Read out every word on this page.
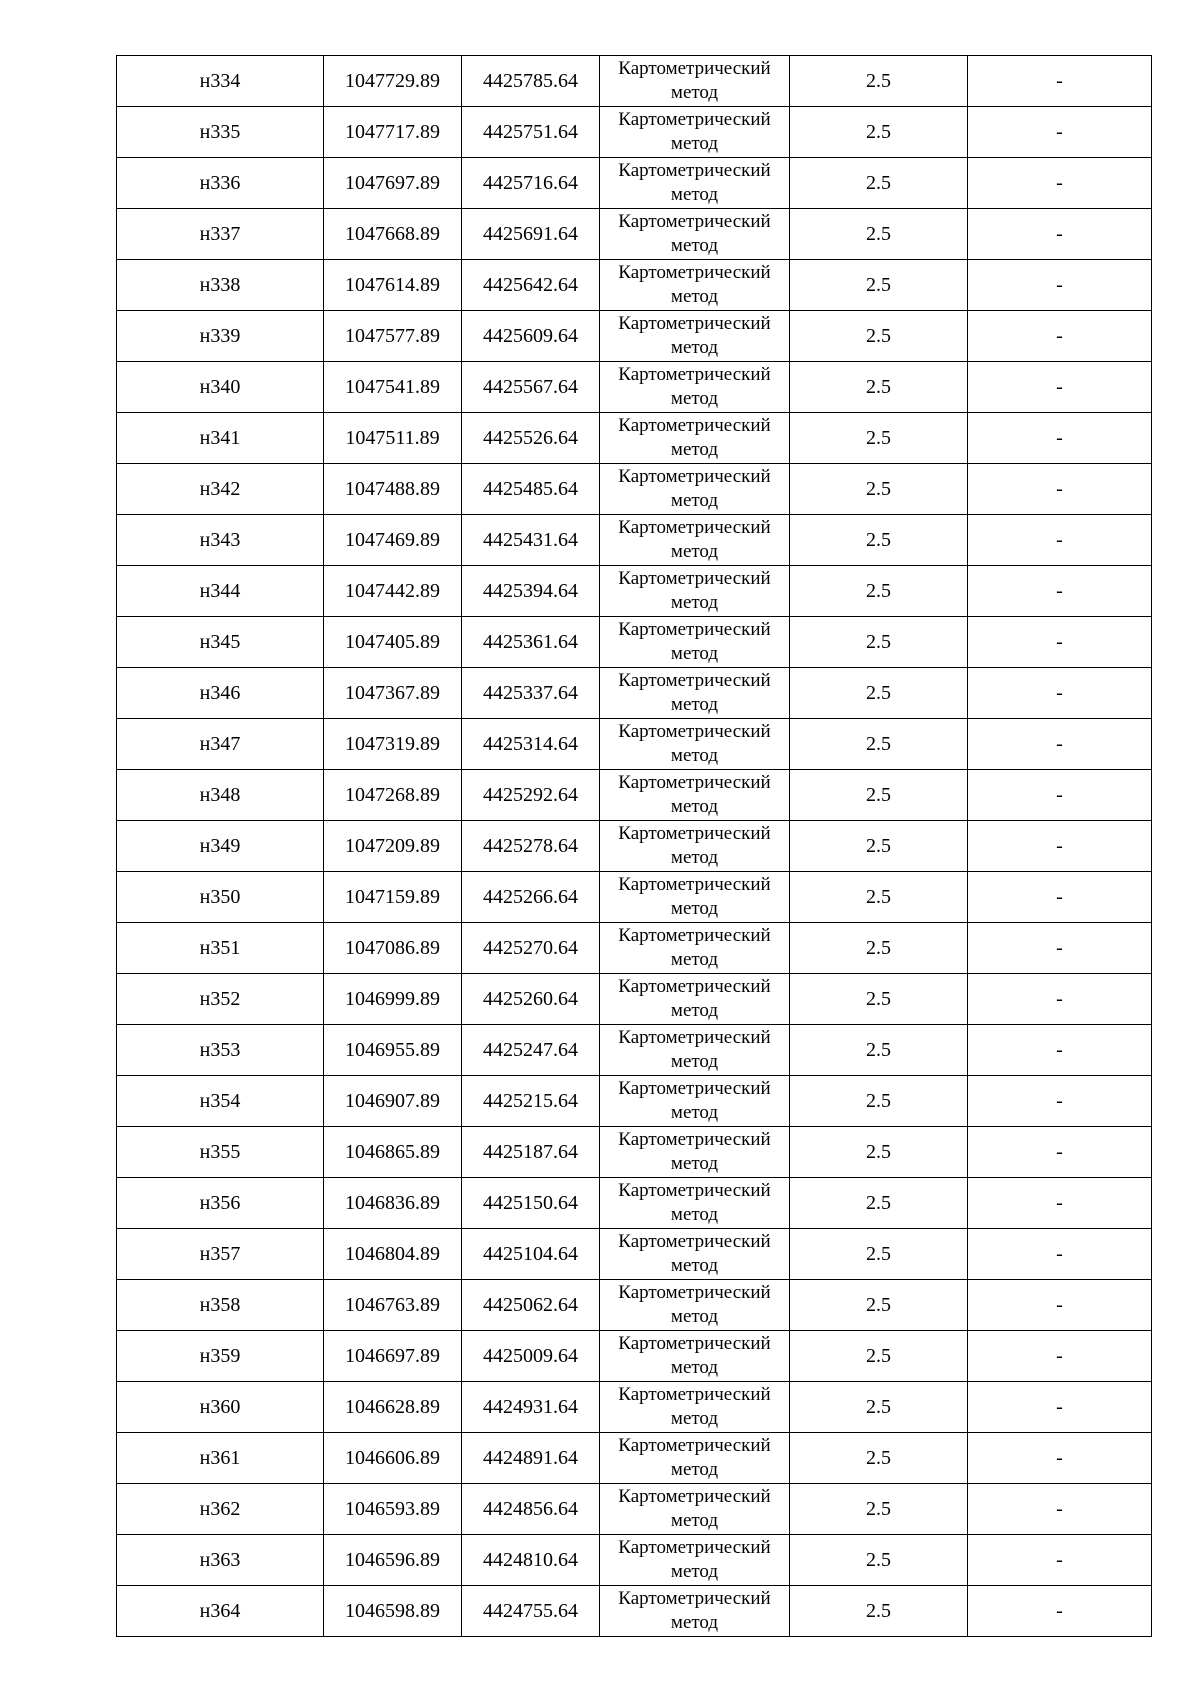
н334	1047729.89	4425785.64	Картометрический метод	2.5	-
н335	1047717.89	4425751.64	Картометрический метод	2.5	-
н336	1047697.89	4425716.64	Картометрический метод	2.5	-
н337	1047668.89	4425691.64	Картометрический метод	2.5	-
н338	1047614.89	4425642.64	Картометрический метод	2.5	-
н339	1047577.89	4425609.64	Картометрический метод	2.5	-
н340	1047541.89	4425567.64	Картометрический метод	2.5	-
н341	1047511.89	4425526.64	Картометрический метод	2.5	-
н342	1047488.89	4425485.64	Картометрический метод	2.5	-
н343	1047469.89	4425431.64	Картометрический метод	2.5	-
н344	1047442.89	4425394.64	Картометрический метод	2.5	-
н345	1047405.89	4425361.64	Картометрический метод	2.5	-
н346	1047367.89	4425337.64	Картометрический метод	2.5	-
н347	1047319.89	4425314.64	Картометрический метод	2.5	-
н348	1047268.89	4425292.64	Картометрический метод	2.5	-
н349	1047209.89	4425278.64	Картометрический метод	2.5	-
н350	1047159.89	4425266.64	Картометрический метод	2.5	-
н351	1047086.89	4425270.64	Картометрический метод	2.5	-
н352	1046999.89	4425260.64	Картометрический метод	2.5	-
н353	1046955.89	4425247.64	Картометрический метод	2.5	-
н354	1046907.89	4425215.64	Картометрический метод	2.5	-
н355	1046865.89	4425187.64	Картометрический метод	2.5	-
н356	1046836.89	4425150.64	Картометрический метод	2.5	-
н357	1046804.89	4425104.64	Картометрический метод	2.5	-
н358	1046763.89	4425062.64	Картометрический метод	2.5	-
н359	1046697.89	4425009.64	Картометрический метод	2.5	-
н360	1046628.89	4424931.64	Картометрический метод	2.5	-
н361	1046606.89	4424891.64	Картометрический метод	2.5	-
н362	1046593.89	4424856.64	Картометрический метод	2.5	-
н363	1046596.89	4424810.64	Картометрический метод	2.5	-
н364	1046598.89	4424755.64	Картометрический метод	2.5	-
